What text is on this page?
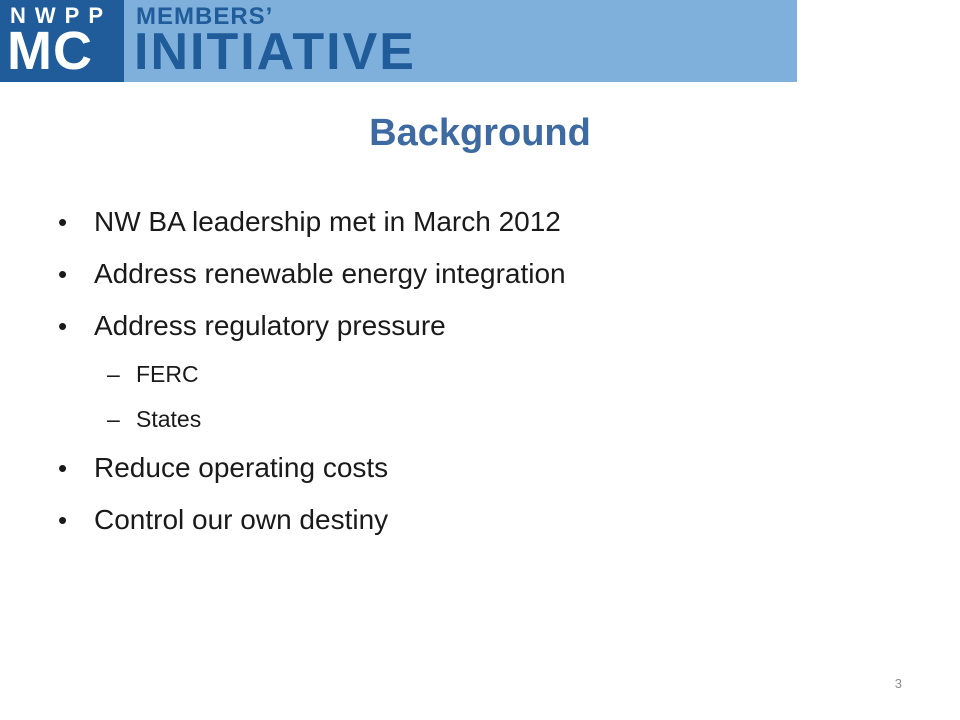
NWPP
MC
MEMBERS’
INITIATIVE
Background
• NW BA leadership met in March 2012
• Address renewable energy integration
• Address regulatory pressure
– FERC
– States
• Reduce operating costs
• Control our own destiny
3
